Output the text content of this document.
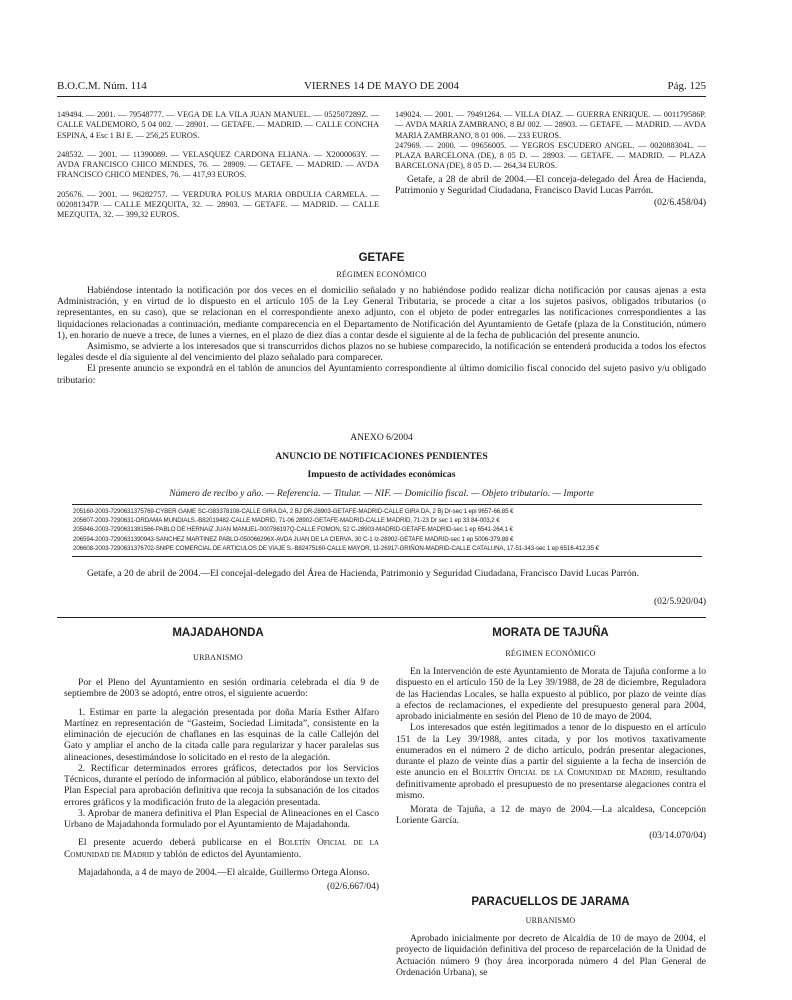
B.O.C.M. Núm. 114	VIERNES 14 DE MAYO DE 2004	Pág. 125

149494. — 2001. — 79548777. — VEGA DE LA VILA JUAN MANUEL. — 052507289Z. — CALLE VALDEMORO, 5 04 002. — 28901. — GETAFE. — MADRID. — CALLE CONCHA ESPINA, 4 Esc 1 BJ E. — 256,25 EUROS.

248532. — 2001. — 11390089. — VELASQUEZ CARDONA ELIANA. — X2000063Y. — AVDA FRANCISCO CHICO MENDES, 76. — 28909. — GETAFE. — MADRID. — AVDA FRANCISCO CHICO MENDES, 76. — 417,93 EUROS.

205676. — 2001. — 96282757. — VERDURA POLUS MARIA OBDULIA CARMELA. — 002081347P. — CALLE MEZQUITA, 32. — 28903. — GETAFE. — MADRID. — CALLE MEZQUITA, 32. — 399,32 EUROS.

149024. — 2001. — 79491264. — VILLA DIAZ. — GUERRA ENRIQUE. — 001179586P. — AVDA MARIA ZAMBRANO, 8 BJ 002. — 28903. — GETAFE. — MADRID. — AVDA MARIA ZAMBRANO, 8 01 006. — 233 EUROS.

247969. — 2000. — 09656005. — YEGROS ESCUDERO ANGEL. — 002088304L. — PLAZA BARCELONA (DE), 8 05 D. — 28903. — GETAFE. — MADRID. — PLAZA BARCELONA (DE), 8 05 D. — 264,34 EUROS.

Getafe, a 28 de abril de 2004.—El conceja-delegado del Área de Hacienda, Patrimonio y Seguridad Ciudadana, Francisco David Lucas Parrón.

(02/6.458/04)
GETAFE
RÉGIMEN ECONÓMICO

Habiéndose intentado la notificación por dos veces en el domicilio señalado y no habiéndose podido realizar dicha notificación por causas ajenas a esta Administración, y en virtud de lo dispuesto en el artículo 105 de la Ley General Tributaria, se procede a citar a los sujetos pasivos, obligados tributarios (o representantes, en su caso), que se relacionan en el correspondiente anexo adjunto, con el objeto de poder entregarles las notificaciones correspondientes a las liquidaciones relacionadas a continuación, mediante comparecencia en el Departamento de Notificación del Ayuntamiento de Getafe (plaza de la Constitución, número 1), en horario de nueve a trece, de lunes a viernes, en el plazo de diez días a contar desde el siguiente al de la fecha de publicación del presente anuncio.

Asimismo, se advierte a los interesados que si transcurridos dichos plazos no se hubiese comparecido, la notificación se entenderá producida a todos los efectos legales desde el día siguiente al del vencimiento del plazo señalado para comparecer.

El presente anuncio se expondrá en el tablón de anuncios del Ayuntamiento correspondiente al último domicilio fiscal conocido del sujeto pasivo y/u obligado tributario:

ANEXO 6/2004
ANUNCIO DE NOTIFICACIONES PENDIENTES
Impuesto de actividades económicas
Número de recibo y año. — Referencia. — Titular. — NIF. — Domicilio fiscal. — Objeto tributario. — Importe
205160-2003-7290631375769-CYBER GAME SC-G83378108-CALLE GIRA DA, 2 BJ DR-28903-GETAFE-MADRID-CALLE GIRA DA, 2 Bj Dr-sec 1 epi 9657-66,85 €
205607-2003-7290631-ORDAMA MUNDIALS.-B82019482-CALLE MADRID, 71-06 28902-GETAFE-MADRID-CALLE MADRID, 71-23 Dr sec 1 ep 33 84-003,2 €
205846-2003-7290631381566-PABLO DE HERNAIZ JUAN MANUEL-000786197Q-CALLE FOMON, 52 C-28903-MADRID-GETAFE-MADRID-sec 1 ep 6541-264,1 €
206594-2003-7290631390943-SANCHEZ MARTINEZ PABLO-050066296X-AVDA JUAN DE LA CIERVA, 30 C-1 Iz-28902-GETAFE MADRID-sec 1 ep 5006-379,88 €
206608-2003-7290631376702-SNIPE COMERCIAL DE ARTICULOS DE VIAJE S.-B82475160-CALLE MAYOR, 11-26917-GRIÑON-MADRID-CALLE CATALUNA, 17-51-343-sec 1 ep 6516-412,35 €

Getafe, a 20 de abril de 2004.—El concejal-delegado del Área de Hacienda, Patrimonio y Seguridad Ciudadana, Francisco David Lucas Parrón.

(02/5.920/04)
MAJADAHONDA
URBANISMO

Por el Pleno del Ayuntamiento en sesión ordinaria celebrada el día 9 de septiembre de 2003 se adoptó, entre otros, el siguiente acuerdo:

1. Estimar en parte la alegación presentada por doña María Esther Alfaro Martínez en representación de “Gasteim, Sociedad Limitada”, consistente en la eliminación de ejecución de chaflanes en las esquinas de la calle Callejón del Gato y ampliar el ancho de la citada calle para regularizar y hacer paralelas sus alineaciones, desestimándose lo solicitado en el resto de la alegación.

2. Rectificar determinados errores gráficos, detectados por los Servicios Técnicos, durante el período de información al público, elaborándose un texto del Plan Especial para aprobación definitiva que recoja la subsanación de los citados errores gráficos y la modificación fruto de la alegación presentada.

3. Aprobar de manera definitiva el Plan Especial de Alineaciones en el Casco Urbano de Majadahonda formulado por el Ayuntamiento de Majadahonda.

El presente acuerdo deberá publicarse en el Boletín Oficial de la Comunidad de Madrid y tablón de edictos del Ayuntamiento.

Majadahonda, a 4 de mayo de 2004.—El alcalde, Guillermo Ortega Alonso.

(02/6.667/04)
MORATA DE TAJUÑA
RÉGIMEN ECONÓMICO

En la Intervención de este Ayuntamiento de Morata de Tajuña conforme a lo dispuesto en el artículo 150 de la Ley 39/1988, de 28 de diciembre, Reguladora de las Haciendas Locales, se halla expuesto al público, por plazo de veinte días a efectos de reclamaciones, el expediente del presupuesto general para 2004, aprobado inicialmente en sesión del Pleno de 10 de mayo de 2004.

Los interesados que estén legitimados a tenor de lo dispuesto en el artículo 151 de la Ley 39/1988, antes citada, y por los motivos taxativamente enumerados en el número 2 de dicho artículo, podrán presentar alegaciones, durante el plazo de veinte días a partir del siguiente a la fecha de inserción de este anuncio en el Boletín Oficial de la Comunidad de Madrid, resultando definitivamente aprobado el presupuesto de no presentarse alegaciones contra el mismo.

Morata de Tajuña, a 12 de mayo de 2004.—La alcaldesa, Concepción Loriente García.

(03/14.070/04)
PARACUELLOS DE JARAMA
URBANISMO

Aprobado inicialmente por decreto de Alcaldía de 10 de mayo de 2004, el proyecto de liquidación definitiva del proceso de reparcelación de la Unidad de Actuación número 9 (hoy área incorporada número 4 del Plan General de Ordenación Urbana), se
